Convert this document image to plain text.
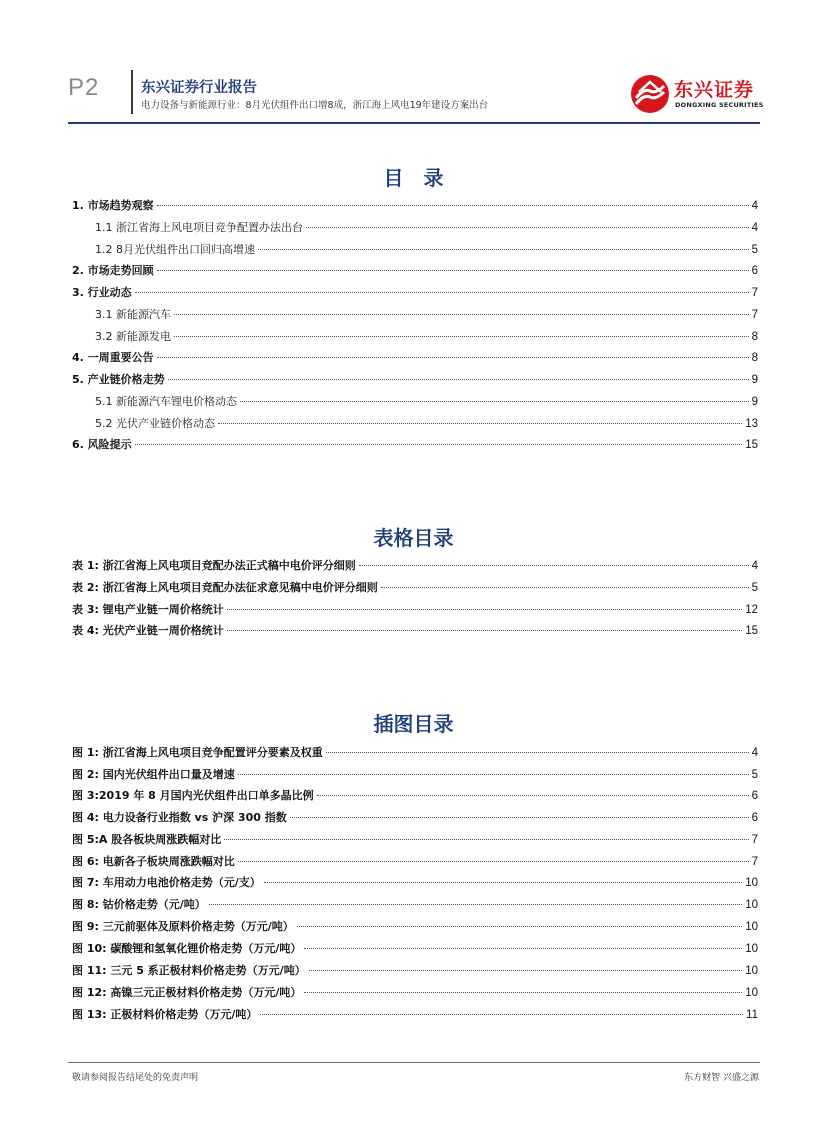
P2	东兴证券行业报告
电力设备与新能源行业：8月光伏组件出口增8成，浙江海上风电19年建设方案出台
东兴证券
DONGXING SECURITIES
目　录
1. 市场趋势观察	4
1.1 浙江省海上风电项目竞争配置办法出台	4
1.2 8月光伏组件出口回归高增速	5
2. 市场走势回顾	6
3. 行业动态	7
3.1 新能源汽车	7
3.2 新能源发电	8
4. 一周重要公告	8
5. 产业链价格走势	9
5.1 新能源汽车锂电价格动态	9
5.2 光伏产业链价格动态	13
6. 风险提示	15
表格目录
表 1: 浙江省海上风电项目竞配办法正式稿中电价评分细则	4
表 2: 浙江省海上风电项目竞配办法征求意见稿中电价评分细则	5
表 3: 锂电产业链一周价格统计	12
表 4: 光伏产业链一周价格统计	15
插图目录
图 1: 浙江省海上风电项目竞争配置评分要素及权重	4
图 2: 国内光伏组件出口量及增速	5
图 3:2019 年 8 月国内光伏组件出口单多晶比例	6
图 4: 电力设备行业指数 vs 沪深 300 指数	6
图 5:A 股各板块周涨跌幅对比	7
图 6: 电新各子板块周涨跌幅对比	7
图 7: 车用动力电池价格走势（元/支）	10
图 8: 钴价格走势（元/吨）	10
图 9: 三元前驱体及原料价格走势（万元/吨）	10
图 10: 碳酸锂和氢氧化锂价格走势（万元/吨）	10
图 11: 三元 5 系正极材料价格走势（万元/吨）	10
图 12: 高镍三元正极材料价格走势（万元/吨）	10
图 13: 正极材料价格走势（万元/吨）	11
敬请参阅报告结尾处的免责声明	东方财智 兴盛之源
